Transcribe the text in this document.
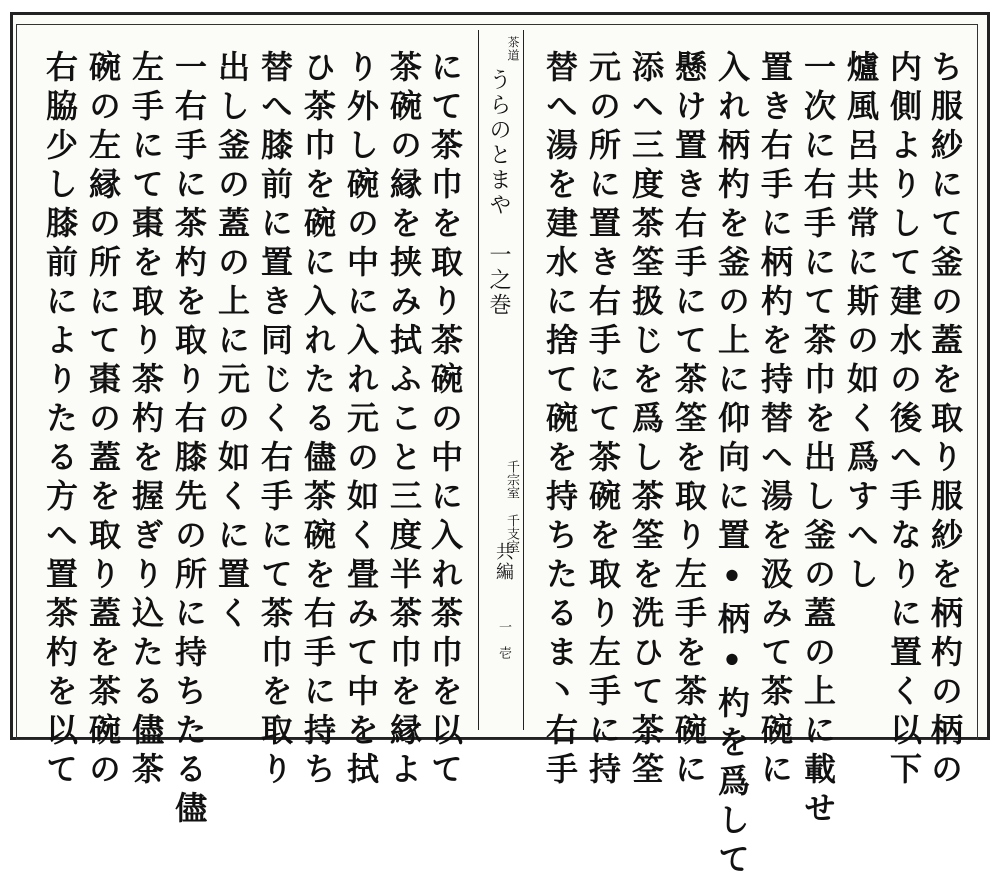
右脇少し膝前によりたる方へ置茶杓を以て 碗の左縁の所にて棗の蓋を取り蓋を茶碗の 左手にて棗を取り茶杓を握ぎり込たる儘茶 一右手に茶杓を取り右膝先の所に持ちたる儘 出し釜の蓋の上に元の如くに置く 替へ膝前に置き同じく右手にて茶巾を取り ひ茶巾を碗に入れたる儘茶碗を右手に持ち り外し碗の中に入れ元の如く畳みて中を拭 茶碗の縁を挟み拭ふこと三度半茶巾を縁よ にて茶巾を取り茶碗の中に入れ茶巾を以て
茶道
うらのとまや　一之巻
千宗室 千支室
共編
一　壱 替へ湯を建水に捨て碗を持ちたるま丶右手 元の所に置き右手にて茶碗を取り左手に持 添へ三度茶筌扱じを爲し茶筌を洗ひて茶筌 懸け置き右手にて茶筌を取り左手を茶碗に 入れ柄杓を釜の上に仰向に置•柄•杓を爲して 置き右手に柄杓を持替へ湯を汲みて茶碗に 一次に右手にて茶巾を出し釜の蓋の上に載せ 爐風呂共常に斯の如く爲すへし 内側よりして建水の後へ手なりに置く以下 ち服紗にて釜の蓋を取り服紗を柄杓の柄の
